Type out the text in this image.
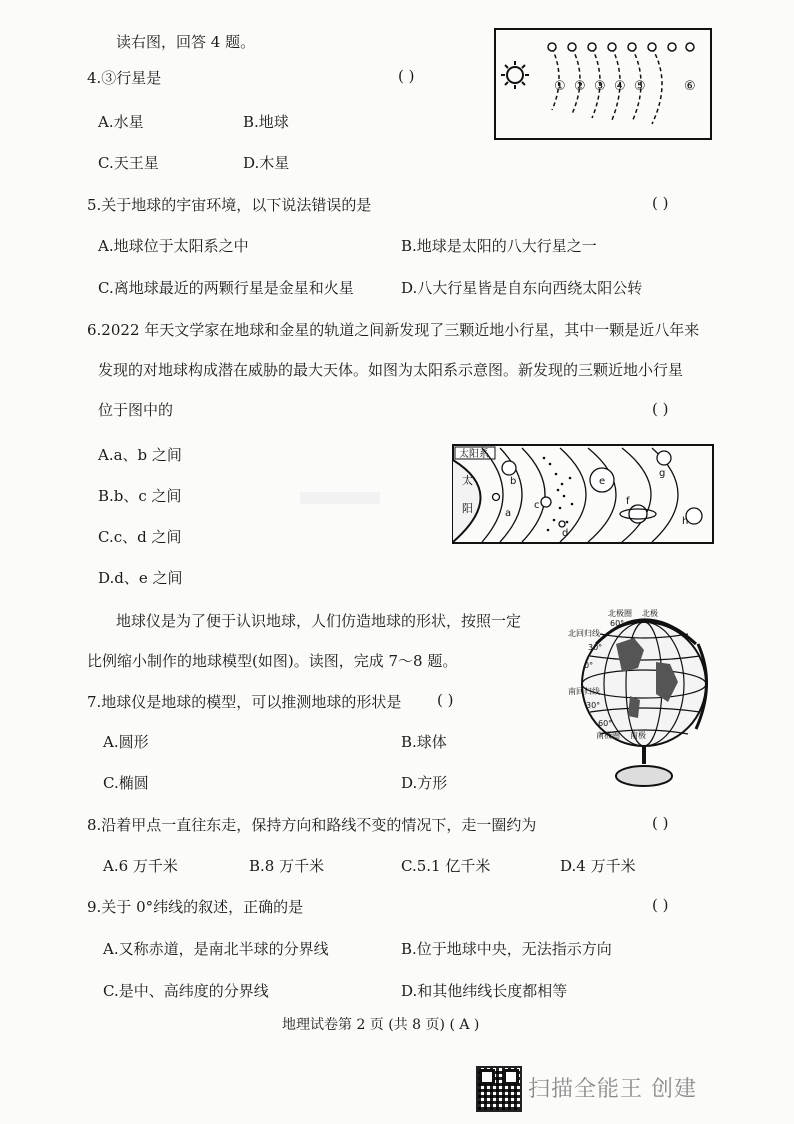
读右图，回答 4 题。
4.③行星是	( )
A.水星	B.地球
C.天王星	D.木星
① ② ③ ④ ⑤	⑥
5.关于地球的宇宙环境，以下说法错误的是	( )
A.地球位于太阳系之中	B.地球是太阳的八大行星之一
C.离地球最近的两颗行星是金星和火星	D.八大行星皆是自东向西绕太阳公转
6.2022 年天文学家在地球和金星的轨道之间新发现了三颗近地小行星，其中一颗是近八年来
发现的对地球构成潜在威胁的最大天体。如图为太阳系示意图。新发现的三颗近地小行星
位于图中的	( )
A.a、b 之间
B.b、c 之间
C.c、d 之间
D.d、e 之间
太阳系
太
阳	a
b
c
d
e
f
g
h
地球仪是为了便于认识地球，人们仿造地球的形状，按照一定
比例缩小制作的地球模型(如图)。读图，完成 7～8 题。
北极圈 北极
北回归线
南回归线
南极圈 南极
30°
60°
0°
30°
60°
7.地球仪是地球的模型，可以推测地球的形状是 ( )
A.圆形	B.球体
C.椭圆	D.方形
8.沿着甲点一直往东走，保持方向和路线不变的情况下，走一圈约为	( )
A.6 万千米	B.8 万千米	C.5.1 亿千米	D.4 万千米
9.关于 0°纬线的叙述，正确的是	( )
A.又称赤道，是南北半球的分界线	B.位于地球中央，无法指示方向
C.是中、高纬度的分界线	D.和其他纬线长度都相等
地理试卷第 2 页 (共 8 页) ( A )
扫描全能王 创建
